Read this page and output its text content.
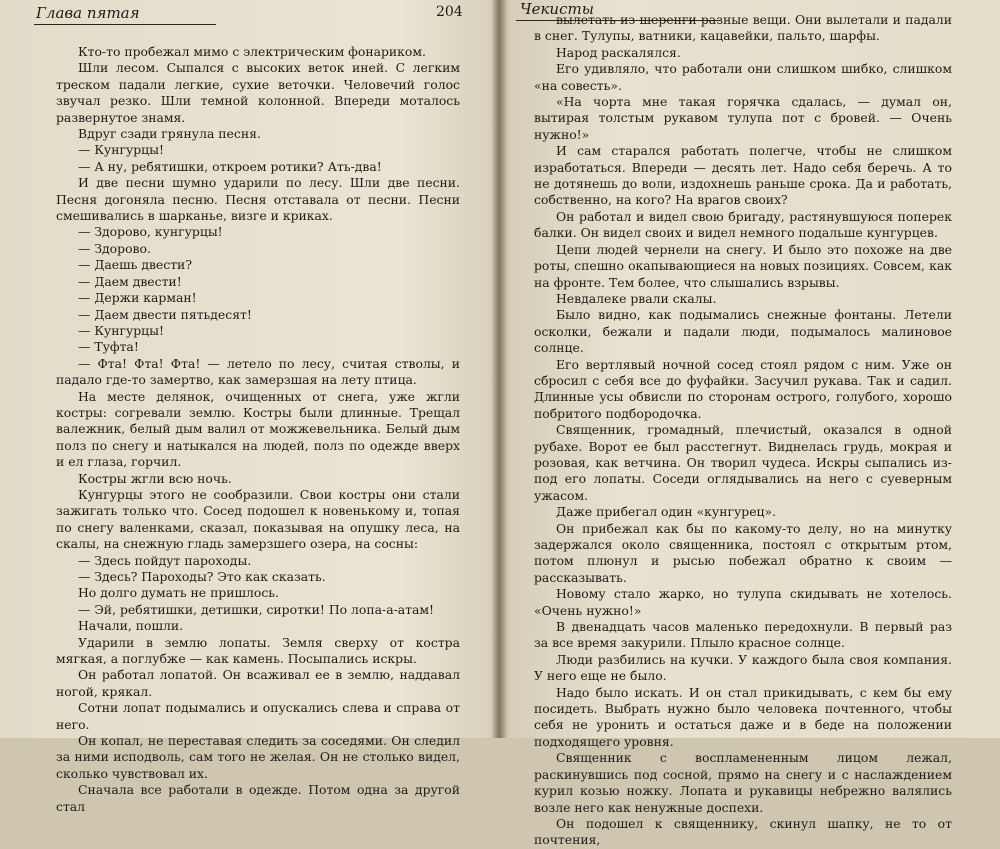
Глава пятая	204

Кто-то пробежал мимо с электрическим фонариком.

Шли лесом. Сыпался с высоких веток иней. С легким треском падали легкие, сухие веточки. Человечий голос звучал резко. Шли темной колонной. Впереди моталось развернутое знамя.

Вдруг сзади грянула песня.

— Кунгурцы!

— А ну, ребятишки, откроем ротики? Ать-два!

И две песни шумно ударили по лесу. Шли две песни. Песня догоняла песню. Песня отставала от песни. Песни смешивались в шарканье, визге и криках.

— Здорово, кунгурцы!

— Здорово.

— Даешь двести?

— Даем двести!

— Держи карман!

— Даем двести пятьдесят!

— Кунгурцы!

— Туфта!

— Фта! Фта! Фта! — летело по лесу, считая стволы, и падало где-то замертво, как замерзшая на лету птица.

На месте делянок, очищенных от снега, уже жгли костры: согревали землю. Костры были длинные. Трещал валежник, белый дым валил от можжевельника. Белый дым полз по снегу и натыкался на людей, полз по одежде вверх и ел глаза, горчил.

Костры жгли всю ночь.

Кунгурцы этого не сообразили. Свои костры они стали зажигать только что. Сосед подошел к новенькому и, топая по снегу валенками, сказал, показывая на опушку леса, на скалы, на снежную гладь замерзшего озера, на сосны:

— Здесь пойдут пароходы.

— Здесь? Пароходы? Это как сказать.

Но долго думать не пришлось.

— Эй, ребятишки, детишки, сиротки! По лопа-а-атам!

Начали, пошли.

Ударили в землю лопаты. Земля сверху от костра мягкая, а поглубже — как камень. Посыпались искры.

Он работал лопатой. Он всаживал ее в землю, наддавал ногой, крякал.

Сотни лопат подымались и опускались слева и справа от него.

Он копал, не переставая следить за соседями. Он следил за ними исподволь, сам того не желая. Он не столько видел, сколько чувствовал их.

Сначала все работали в одежде. Потом одна за другой стал

Чекисты

вылетать из шеренги разные вещи. Они вылетали и падали в снег. Тулупы, ватники, кацавейки, пальто, шарфы.

Народ раскалялся.

Его удивляло, что работали они слишком шибко, слишком «на совесть».

«На чорта мне такая горячка сдалась, — думал он, вытирая толстым рукавом тулупа пот с бровей. — Очень нужно!»

И сам старался работать полегче, чтобы не слишком изработаться. Впереди — десять лет. Надо себя беречь. А то не дотянешь до воли, издохнешь раньше срока. Да и работать, собственно, на кого? На врагов своих?

Он работал и видел свою бригаду, растянувшуюся поперек балки. Он видел своих и видел немного подальше кунгурцев.

Цепи людей чернели на снегу. И было это похоже на две роты, спешно окапывающиеся на новых позициях. Совсем, как на фронте. Тем более, что слышались взрывы.

Невдалеке рвали скалы.

Было видно, как подымались снежные фонтаны. Летели осколки, бежали и падали люди, подымалось малиновое солнце.

Его вертлявый ночной сосед стоял рядом с ним. Уже он сбросил с себя все до фуфайки. Засучил рукава. Так и садил. Длинные усы обвисли по сторонам острого, голубого, хорошо побритого подбородочка.

Священник, громадный, плечистый, оказался в одной рубахе. Ворот ее был расстегнут. Виднелась грудь, мокрая и розовая, как ветчина. Он творил чудеса. Искры сыпались из-под его лопаты. Соседи оглядывались на него с суеверным ужасом.

Даже прибегал один «кунгурец».

Он прибежал как бы по какому-то делу, но на минутку задержался около священника, постоял с открытым ртом, потом плюнул и рысью побежал обратно к своим — рассказывать.

Новому стало жарко, но тулупа скидывать не хотелось. «Очень нужно!»

В двенадцать часов маленько передохнули. В первый раз за все время закурили. Плыло красное солнце.

Люди разбились на кучки. У каждого была своя компания. У него еще не было.

Надо было искать. И он стал прикидывать, с кем бы ему посидеть. Выбрать нужно было человека почтенного, чтобы себя не уронить и остаться даже и в беде на положении подходящего уровня.

Священник с воспламененным лицом лежал, раскинувшись под сосной, прямо на снегу и с наслаждением курил козью ножку. Лопата и рукавицы небрежно валялись возле него как ненужные доспехи.

Он подошел к священнику, скинул шапку, не то от почтения,
